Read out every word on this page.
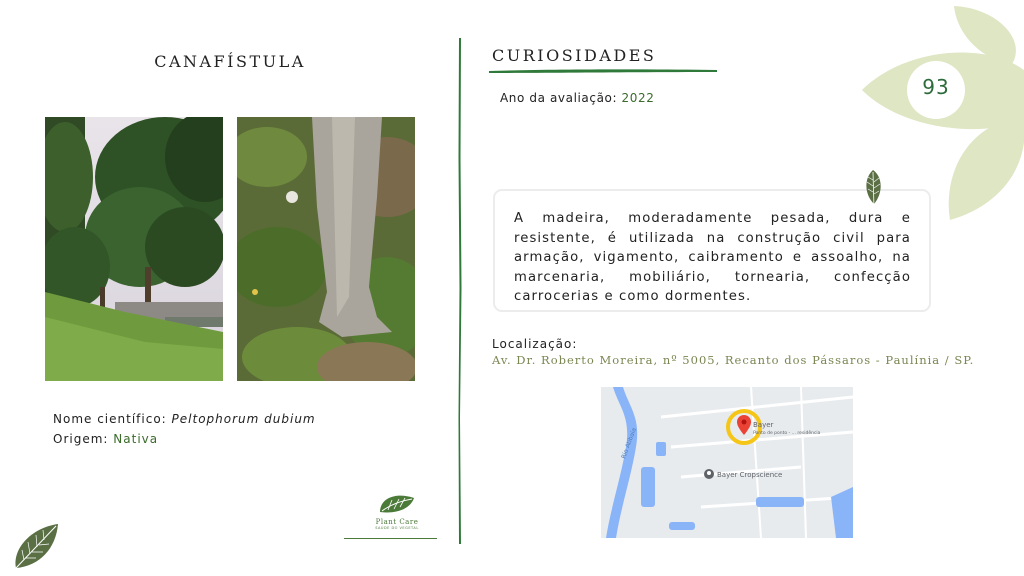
93
CANAFÍSTULA
Nome científico: Peltophorum dubium
Origem: Nativa
Plant Care
SAÚDE DO VEGETAL
CURIOSIDADES
Ano da avaliação: 2022

A madeira, moderadamente pesada, dura e resistente, é utilizada na construção civil para armação, vigamento, caibramento e assoalho, na marcenaria, mobiliário, tornearia, confecção carrocerias e como dormentes.

Localização:
Av. Dr. Roberto Moreira, nº 5005, Recanto dos Pássaros - Paulínia / SP.
Rio Atibaia
Bayer Cropscience
Bayer
Ponto de ponto - ... residência
